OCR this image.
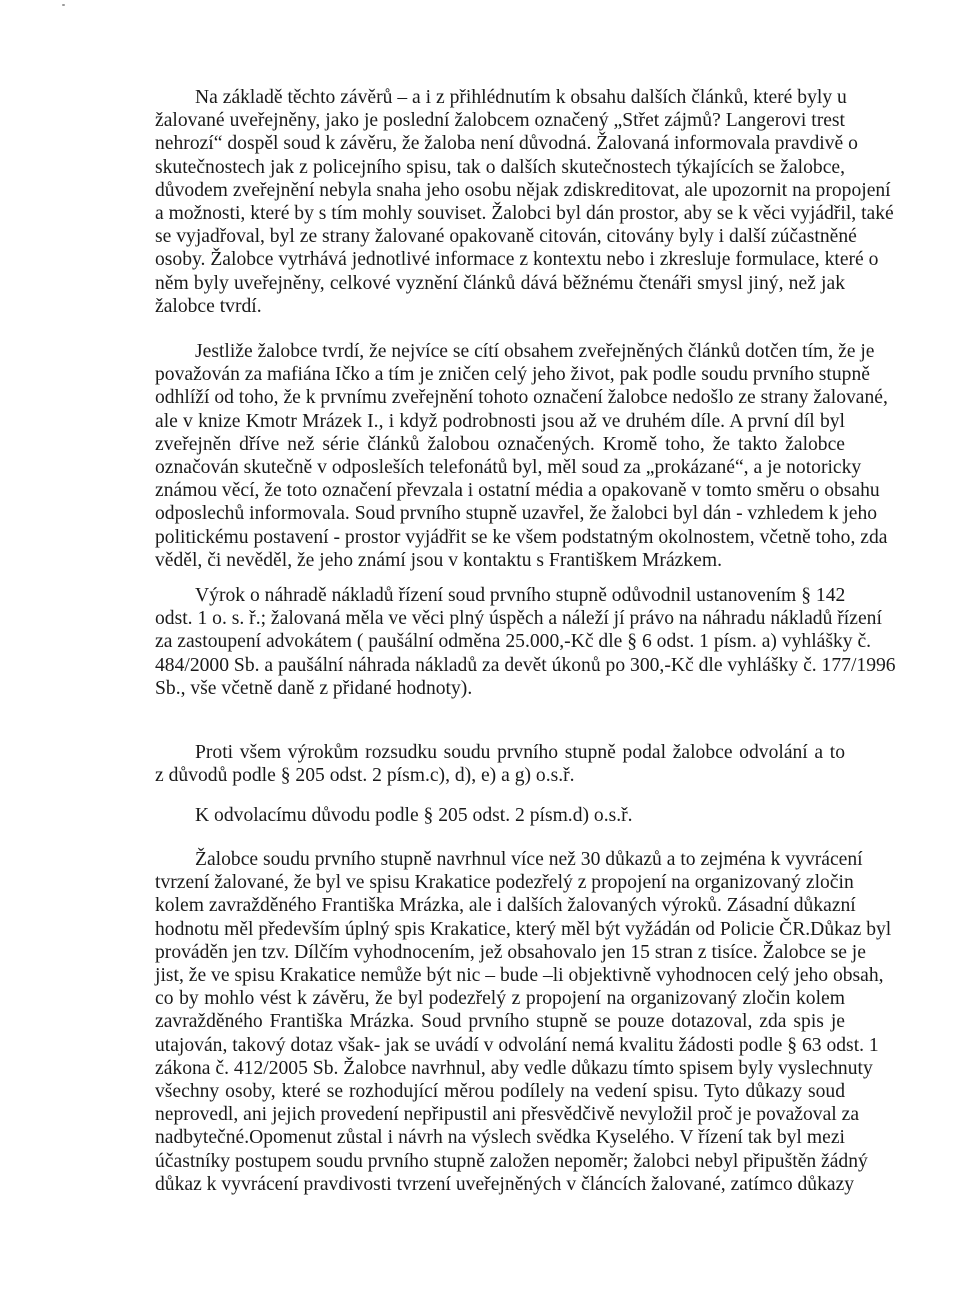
Na základě těchto závěrů – a i z přihlédnutím k obsahu dalších článků, které byly u
žalované uveřejněny, jako je poslední žalobcem označený „Střet zájmů? Langerovi trest
nehrozí“ dospěl soud k závěru, že žaloba není důvodná. Žalovaná informovala pravdivě o
skutečnostech jak z policejního spisu, tak o dalších skutečnostech týkajících se žalobce,
důvodem zveřejnění nebyla snaha jeho osobu nějak zdiskreditovat, ale upozornit na propojení
a možnosti, které by s tím mohly souviset. Žalobci byl dán prostor, aby se k věci vyjádřil, také
se vyjadřoval, byl ze strany žalované opakovaně citován, citovány byly i další zúčastněné
osoby. Žalobce vytrhává jednotlivé informace z kontextu nebo i zkresluje formulace, které o
něm byly uveřejněny, celkové vyznění článků dává běžnému čtenáři smysl jiný, než jak
žalobce tvrdí.
Jestliže žalobce tvrdí, že nejvíce se cítí obsahem zveřejněných článků dotčen tím, že je
považován za mafiána Ičko a tím je zničen celý jeho život, pak podle soudu prvního stupně
odhlíží od toho, že k prvnímu zveřejnění tohoto označení žalobce nedošlo ze strany žalované,
ale v knize Kmotr Mrázek I., i když podrobnosti jsou až ve druhém díle. A první díl byl
zveřejněn dříve než série článků žalobou označených. Kromě toho, že takto žalobce
označován skutečně v odposleších telefonátů byl, měl soud za „prokázané“, a je notoricky
známou věcí, že toto označení převzala i ostatní média a opakovaně v tomto směru o obsahu
odposlechů informovala. Soud prvního stupně uzavřel, že žalobci byl dán - vzhledem k jeho
politickému postavení - prostor vyjádřit se ke všem podstatným okolnostem, včetně toho, zda
věděl, či nevěděl, že jeho známí jsou v kontaktu s Františkem Mrázkem.
Výrok o náhradě nákladů řízení soud prvního stupně odůvodnil ustanovením § 142
odst. 1 o. s. ř.; žalovaná měla ve věci plný úspěch a náleží jí právo na náhradu nákladů řízení
za zastoupení advokátem ( paušální odměna 25.000,-Kč dle § 6 odst. 1 písm. a) vyhlášky č.
484/2000 Sb. a paušální náhrada nákladů za devět úkonů po 300,-Kč dle vyhlášky č. 177/1996
Sb., vše včetně daně z přidané hodnoty).
Proti všem výrokům rozsudku soudu prvního stupně podal žalobce odvolání a to
z důvodů podle § 205 odst. 2 písm.c), d), e) a g) o.s.ř.
K odvolacímu důvodu podle § 205 odst. 2 písm.d) o.s.ř.
Žalobce soudu prvního stupně navrhnul více než 30 důkazů a to zejména k vyvrácení
tvrzení žalované, že byl ve spisu Krakatice podezřelý z propojení na organizovaný zločin
kolem zavražděného Františka Mrázka, ale i dalších žalovaných výroků. Zásadní důkazní
hodnotu měl především úplný spis Krakatice, který měl být vyžádán od Policie ČR.Důkaz byl
prováděn jen tzv. Dílčím vyhodnocením, jež obsahovalo jen 15 stran z tisíce. Žalobce se je
jist, že ve spisu Krakatice nemůže být nic – bude –li objektivně vyhodnocen celý jeho obsah,
co by mohlo vést k závěru, že byl podezřelý z propojení na organizovaný zločin kolem
zavražděného Františka Mrázka. Soud prvního stupně se pouze dotazoval, zda spis je
utajován, takový dotaz však- jak se uvádí v odvolání nemá kvalitu žádosti podle § 63 odst. 1
zákona č. 412/2005 Sb. Žalobce navrhnul, aby vedle důkazu tímto spisem byly vyslechnuty
všechny osoby, které se rozhodující měrou podílely na vedení spisu. Tyto důkazy soud
neprovedl, ani jejich provedení nepřipustil ani přesvědčivě nevyložil proč je považoval za
nadbytečné.Opomenut zůstal i návrh na výslech svědka Kyselého. V řízení tak byl mezi
účastníky postupem soudu prvního stupně založen nepoměr; žalobci nebyl připuštěn žádný
důkaz k vyvrácení pravdivosti tvrzení uveřejněných v článcích žalované, zatímco důkazy
